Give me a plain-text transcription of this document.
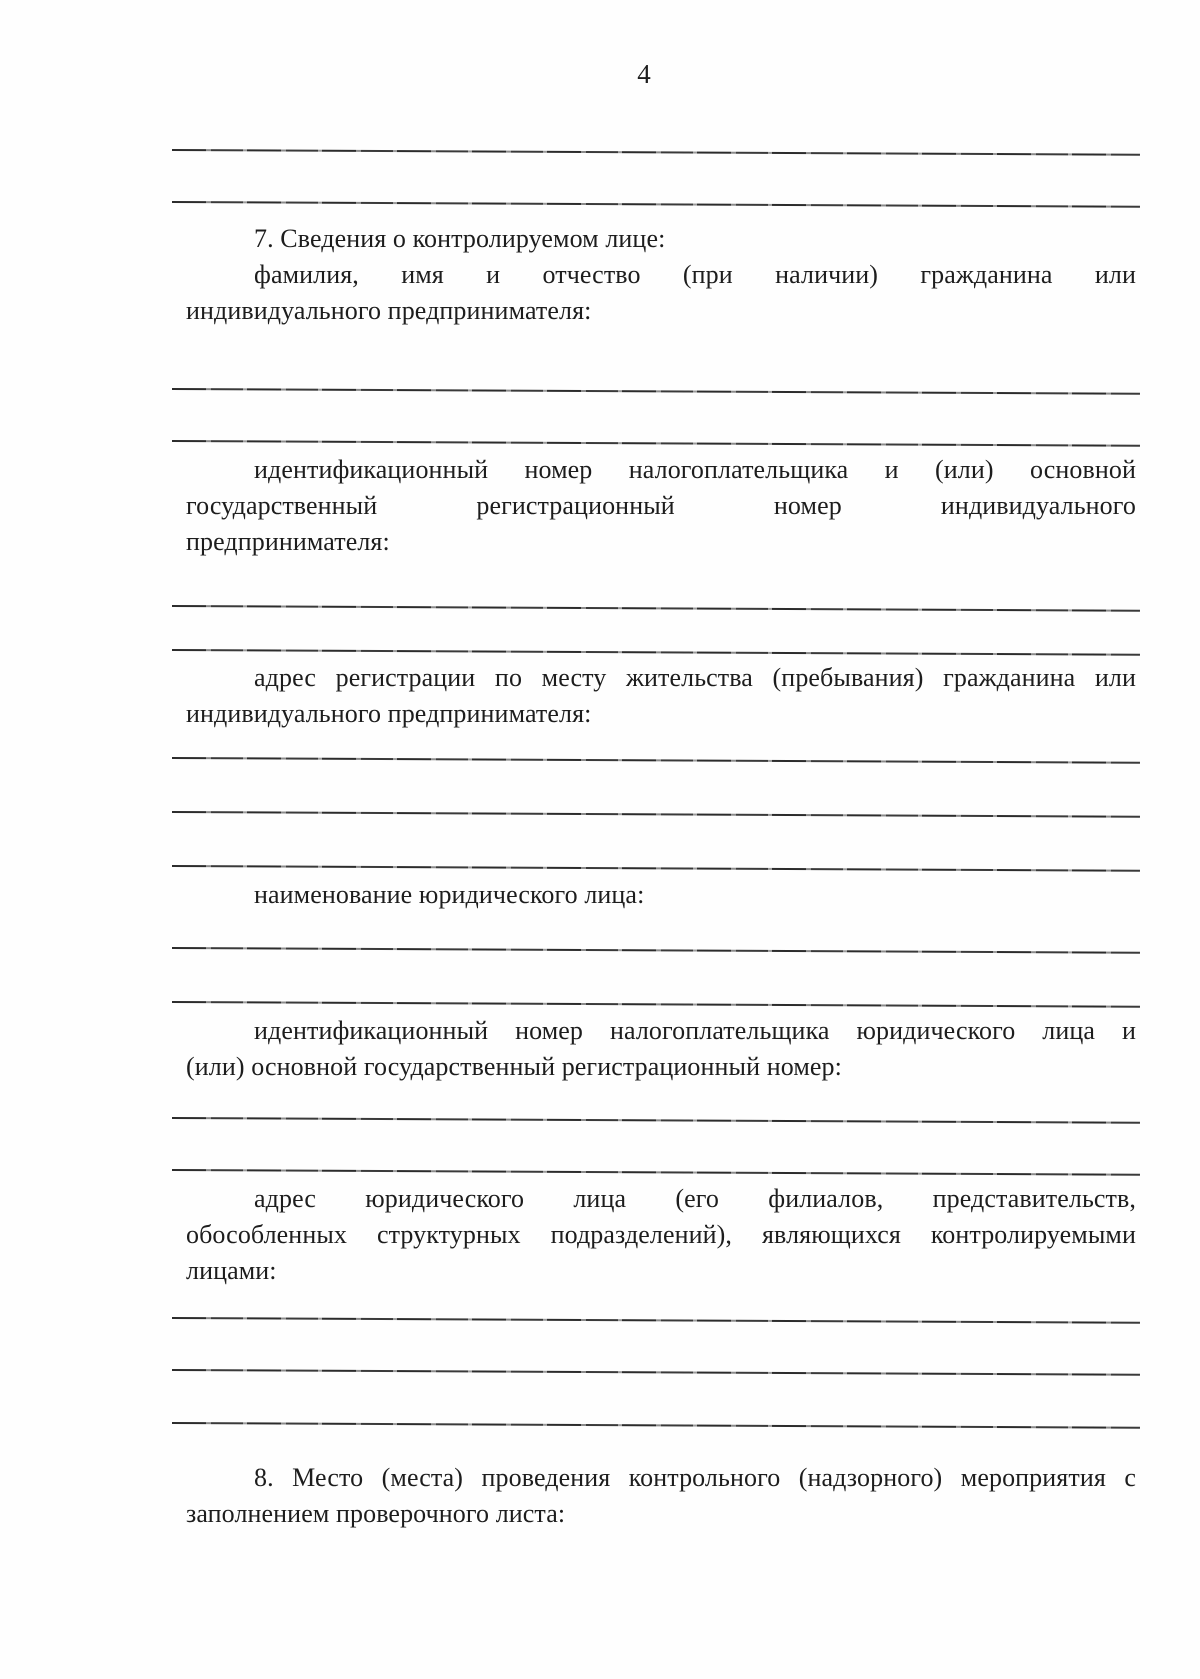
4
7. Сведения о контролируемом лице:
фамилия, имя и отчество (при наличии) гражданина или
индивидуального предпринимателя:
идентификационный номер налогоплательщика и (или) основной
государственный регистрационный номер индивидуального
предпринимателя:
адрес регистрации по месту жительства (пребывания) гражданина или
индивидуального предпринимателя:
наименование юридического лица:
идентификационный номер налогоплательщика юридического лица и
(или) основной государственный регистрационный номер:
адрес юридического лица (его филиалов, представительств,
обособленных структурных подразделений), являющихся контролируемыми
лицами:
8. Место (места) проведения контрольного (надзорного) мероприятия с
заполнением проверочного листа:
